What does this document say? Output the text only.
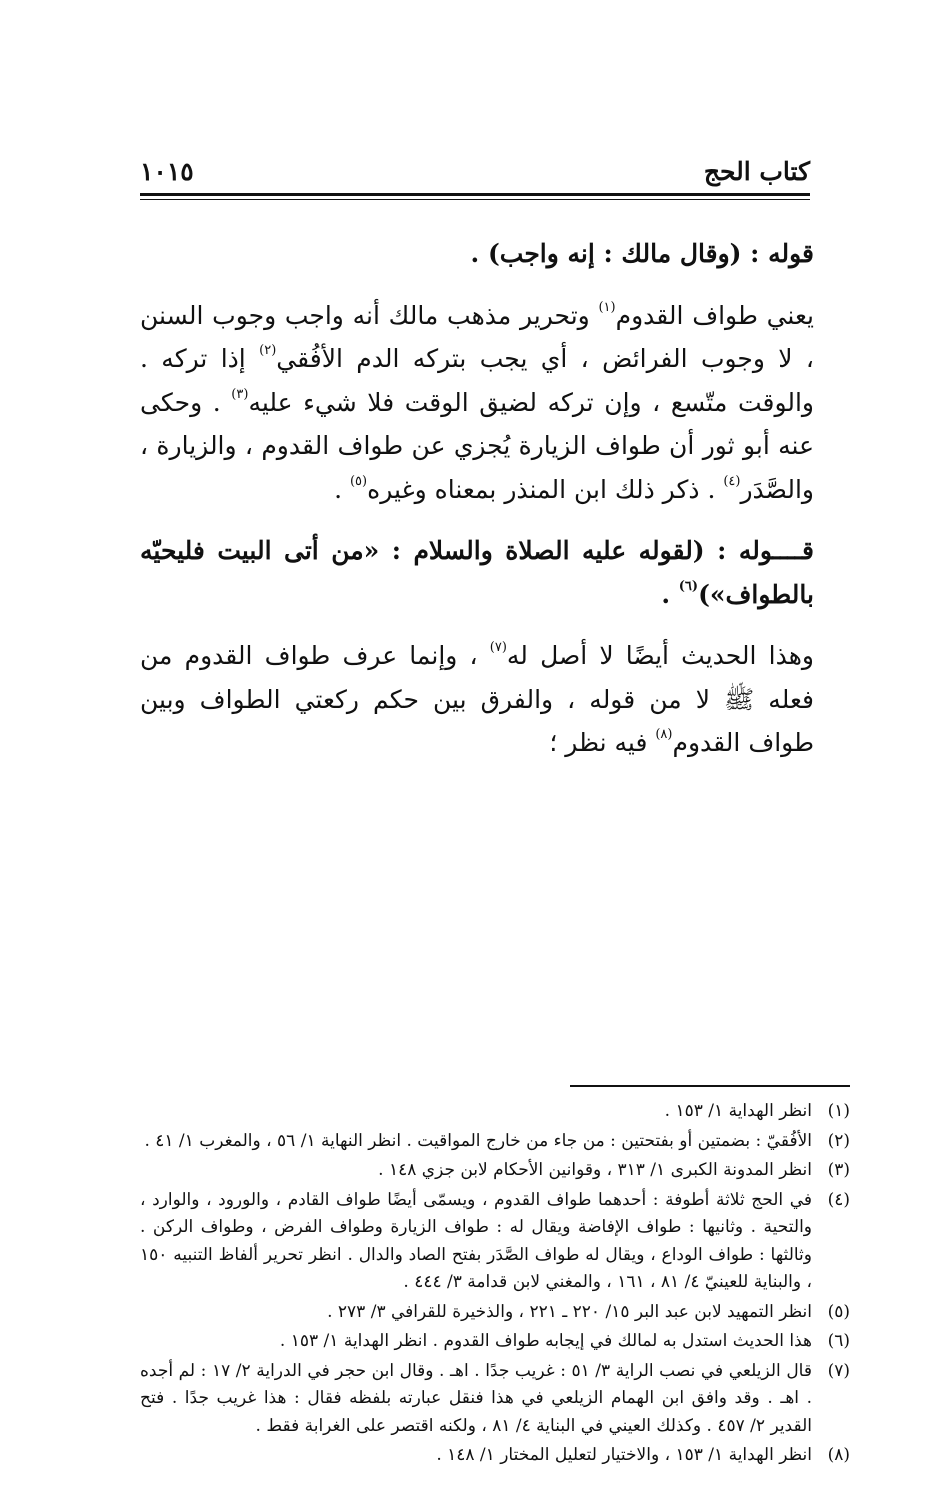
كتاب الحج
١٠١٥

قوله : (وقال مالك : إنه واجب) .

يعني طواف القدوم$^{(١)}$ وتحرير مذهب مالك أنه واجب وجوب السنن ، لا وجوب الفرائض ، أي يجب بتركه الدم الأفُقي$^{(٢)}$ إذا تركه . والوقت متّسع ، وإن تركه لضيق الوقت فلا شيء عليه$^{(٣)}$ . وحكى عنه أبو ثور أن طواف الزيارة يُجزي عن طواف القدوم ، والزيارة ، والصَّدَر$^{(٤)}$ . ذكر ذلك ابن المنذر بمعناه وغيره$^{(٥)}$ .

قــــوله : (لقوله عليه الصلاة والسلام : «من أتى البيت فليحيّه بالطواف»)$^{(٦)}$ .

وهذا الحديث أيضًا لا أصل له$^{(٧)}$ ، وإنما عرف طواف القدوم من فعله ﷺ لا من قوله ، والفرق بين حكم ركعتي الطواف وبين طواف القدوم$^{(٨)}$ فيه نظر ؛

(١)
انظر الهداية ١/ ١٥٣ .
(٢)
الأفُقيّ : بضمتين أو بفتحتين : من جاء من خارج المواقيت . انظر النهاية ١/ ٥٦ ، والمغرب ١/ ٤١ .
(٣)
انظر المدونة الكبرى ١/ ٣١٣ ، وقوانين الأحكام لابن جزي ١٤٨ .
(٤)
في الحج ثلاثة أطوفة : أحدهما طواف القدوم ، ويسمّى أيضًا طواف القادم ، والورود ، والوارد ، والتحية . وثانيها : طواف الإفاضة ويقال له : طواف الزيارة وطواف الفرض ، وطواف الركن . وثالثها : طواف الوداع ، ويقال له طواف الصَّدَر بفتح الصاد والدال . انظر تحرير ألفاظ التنبيه ١٥٠ ، والبناية للعينيّ ٤/ ٨١ ، ١٦١ ، والمغني لابن قدامة ٣/ ٤٤٤ .
(٥)
انظر التمهيد لابن عبد البر ١٥/ ٢٢٠ ـ ٢٢١ ، والذخيرة للقرافي ٣/ ٢٧٣ .
(٦)
هذا الحديث استدل به لمالك في إيجابه طواف القدوم . انظر الهداية ١/ ١٥٣ .
(٧)
قال الزيلعي في نصب الراية ٣/ ٥١ : غريب جدًا . اهـ . وقال ابن حجر في الدراية ٢/ ١٧ : لم أجده . اهـ . وقد وافق ابن الهمام الزيلعي في هذا فنقل عبارته بلفظه فقال : هذا غريب جدًا . فتح القدير ٢/ ٤٥٧ . وكذلك العيني في البناية ٤/ ٨١ ، ولكنه اقتصر على الغرابة فقط .
(٨)
انظر الهداية ١/ ١٥٣ ، والاختيار لتعليل المختار ١/ ١٤٨ .
